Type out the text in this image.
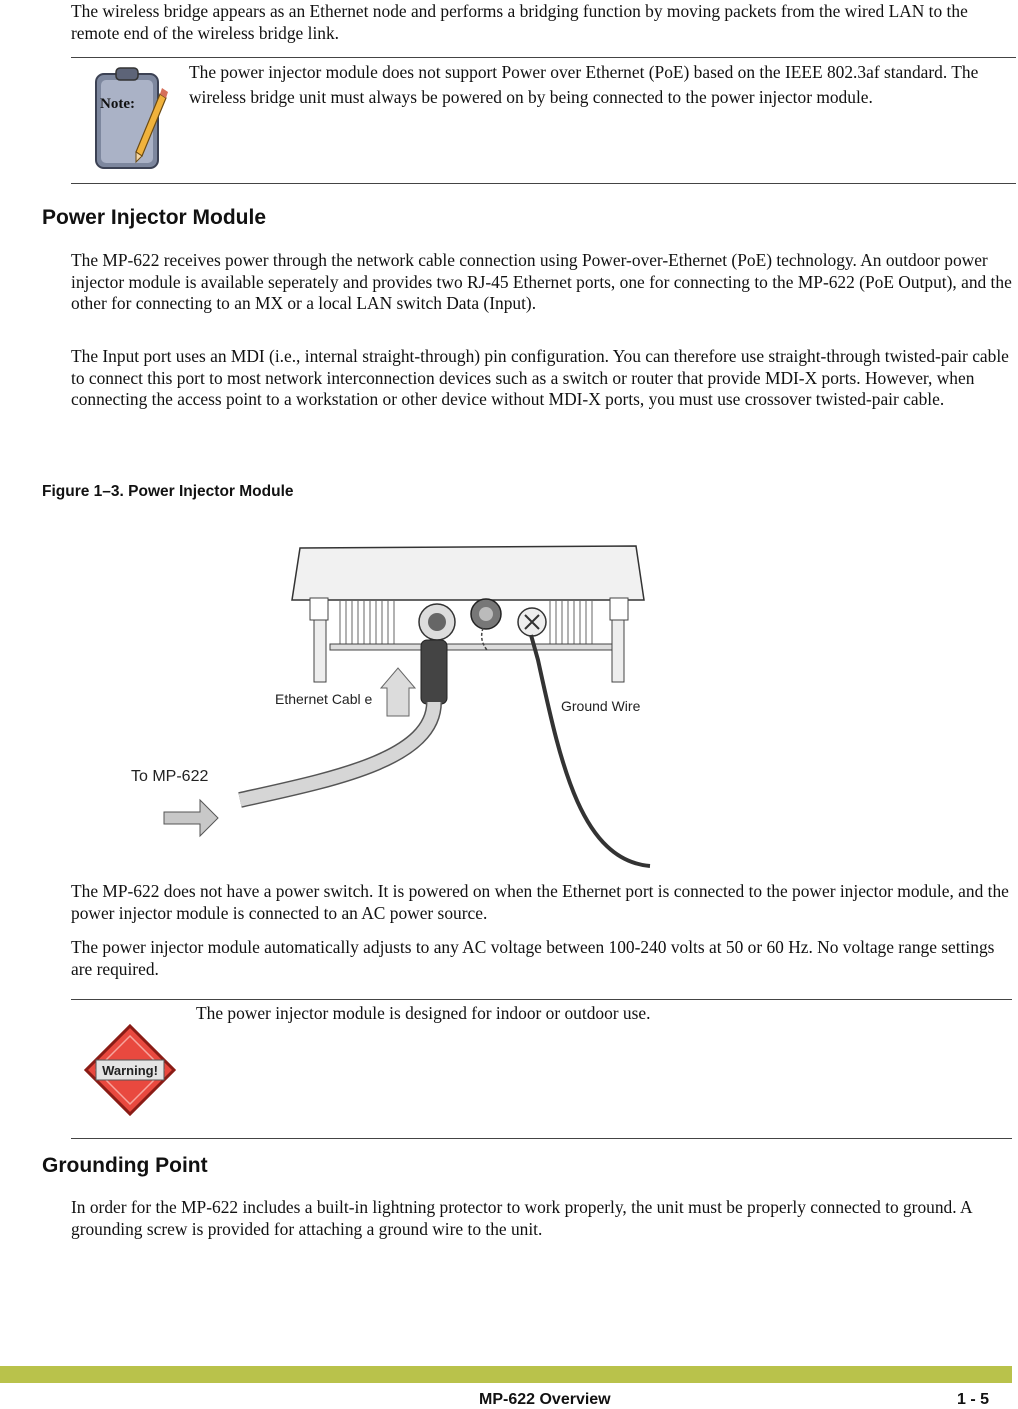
The wireless bridge appears as an Ethernet node and performs a bridging function by moving packets from the wired LAN to the remote end of the wireless bridge link.

Note:

The power injector module does not support Power over Ethernet (PoE) based on the IEEE 802.3af standard. The wireless bridge unit must always be powered on by being connected to the power injector module.

Power Injector Module

The MP-622 receives power through the network cable connection using Power-over-Ethernet (PoE) technology. An outdoor power injector module is available seperately and provides two RJ-45 Ethernet ports, one for connecting to the MP-622 (PoE Output), and the other for connecting to an MX or a local LAN switch Data (Input).

The Input port uses an MDI (i.e., internal straight-through) pin configuration. You can therefore use straight-through twisted-pair cable to connect this port to most network interconnection devices such as a switch or router that provide MDI-X ports. However, when connecting the access point to a workstation or other device without MDI-X ports, you must use crossover twisted-pair cable.

Figure 1–3. Power Injector Module

Ethernet Cabl e	Ground Wire
To MP-622

The MP-622 does not have a power switch. It is powered on when the Ethernet port is connected to the power injector module, and the power injector module is connected to an AC power source.

The power injector module automatically adjusts to any AC voltage between 100-240 volts at 50 or 60 Hz. No voltage range settings are required.

Warning!

The power injector module is designed for indoor or outdoor use.

Grounding Point

In order for the MP-622 includes a built-in lightning protector to work properly, the unit must be properly connected to ground. A grounding screw is provided for attaching a ground wire to the unit.

MP-622 Overview	1 - 5
